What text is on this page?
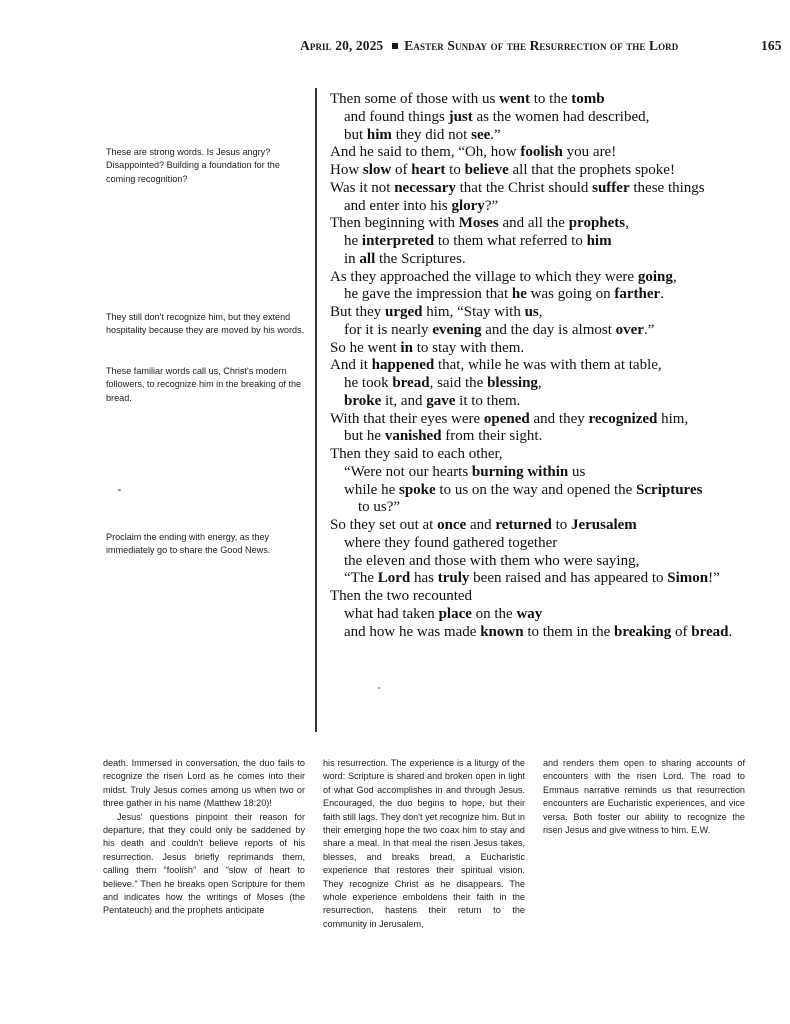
April 20, 2025 Easter Sunday of the Resurrection of the Lord	165
These are strong words. Is Jesus angry? Disappointed? Building a foundation for the coming recognition?
They still don't recognize him, but they extend hospitality because they are moved by his words.
These familiar words call us, Christ's modern followers, to recognize him in the breaking of the bread.
Proclaim the ending with energy, as they immediately go to share the Good News.
Then some of those with us went to the tomb
and found things just as the women had described,
but him they did not see.”
And he said to them, “Oh, how foolish you are!
How slow of heart to believe all that the prophets spoke!
Was it not necessary that the Christ should suffer these things
and enter into his glory?”
Then beginning with Moses and all the prophets,
he interpreted to them what referred to him
in all the Scriptures.
As they approached the village to which they were going,
he gave the impression that he was going on farther.
But they urged him, “Stay with us,
for it is nearly evening and the day is almost over.”
So he went in to stay with them.
And it happened that, while he was with them at table,
he took bread, said the blessing,
broke it, and gave it to them.
With that their eyes were opened and they recognized him,
but he vanished from their sight.
Then they said to each other,
“Were not our hearts burning within us
while he spoke to us on the way and opened the Scriptures
to us?”
So they set out at once and returned to Jerusalem
where they found gathered together
the eleven and those with them who were saying,
“The Lord has truly been raised and has appeared to Simon!”
Then the two recounted
what had taken place on the way
and how he was made known to them in the breaking of bread.

death. Immersed in conversation, the duo fails to recognize the risen Lord as he comes into their midst. Truly Jesus comes among us when two or three gather in his name (Matthew 18:20)!

Jesus' questions pinpoint their reason for departure, that they could only be saddened by his death and couldn't believe reports of his resurrection. Jesus briefly reprimands them, calling them “foolish” and “slow of heart to believe.” Then he breaks open Scripture for them and indicates how the writings of Moses (the Pentateuch) and the prophets anticipate

his resurrection. The experience is a liturgy of the word: Scripture is shared and broken open in light of what God accomplishes in and through Jesus. Encouraged, the duo begins to hope, but their faith still lags. They don't yet recognize him. But in their emerging hope the two coax him to stay and share a meal. In that meal the risen Jesus takes, blesses, and breaks bread, a Eucharistic experience that restores their spiritual vision. They recognize Christ as he disappears. The whole experience emboldens their faith in the resurrection, hastens their return to the community in Jerusalem,

and renders them open to sharing accounts of encounters with the risen Lord. The road to Emmaus narrative reminds us that resurrection encounters are Eucharistic experiences, and vice versa. Both foster our ability to recognize the risen Jesus and give witness to him. E.W.
